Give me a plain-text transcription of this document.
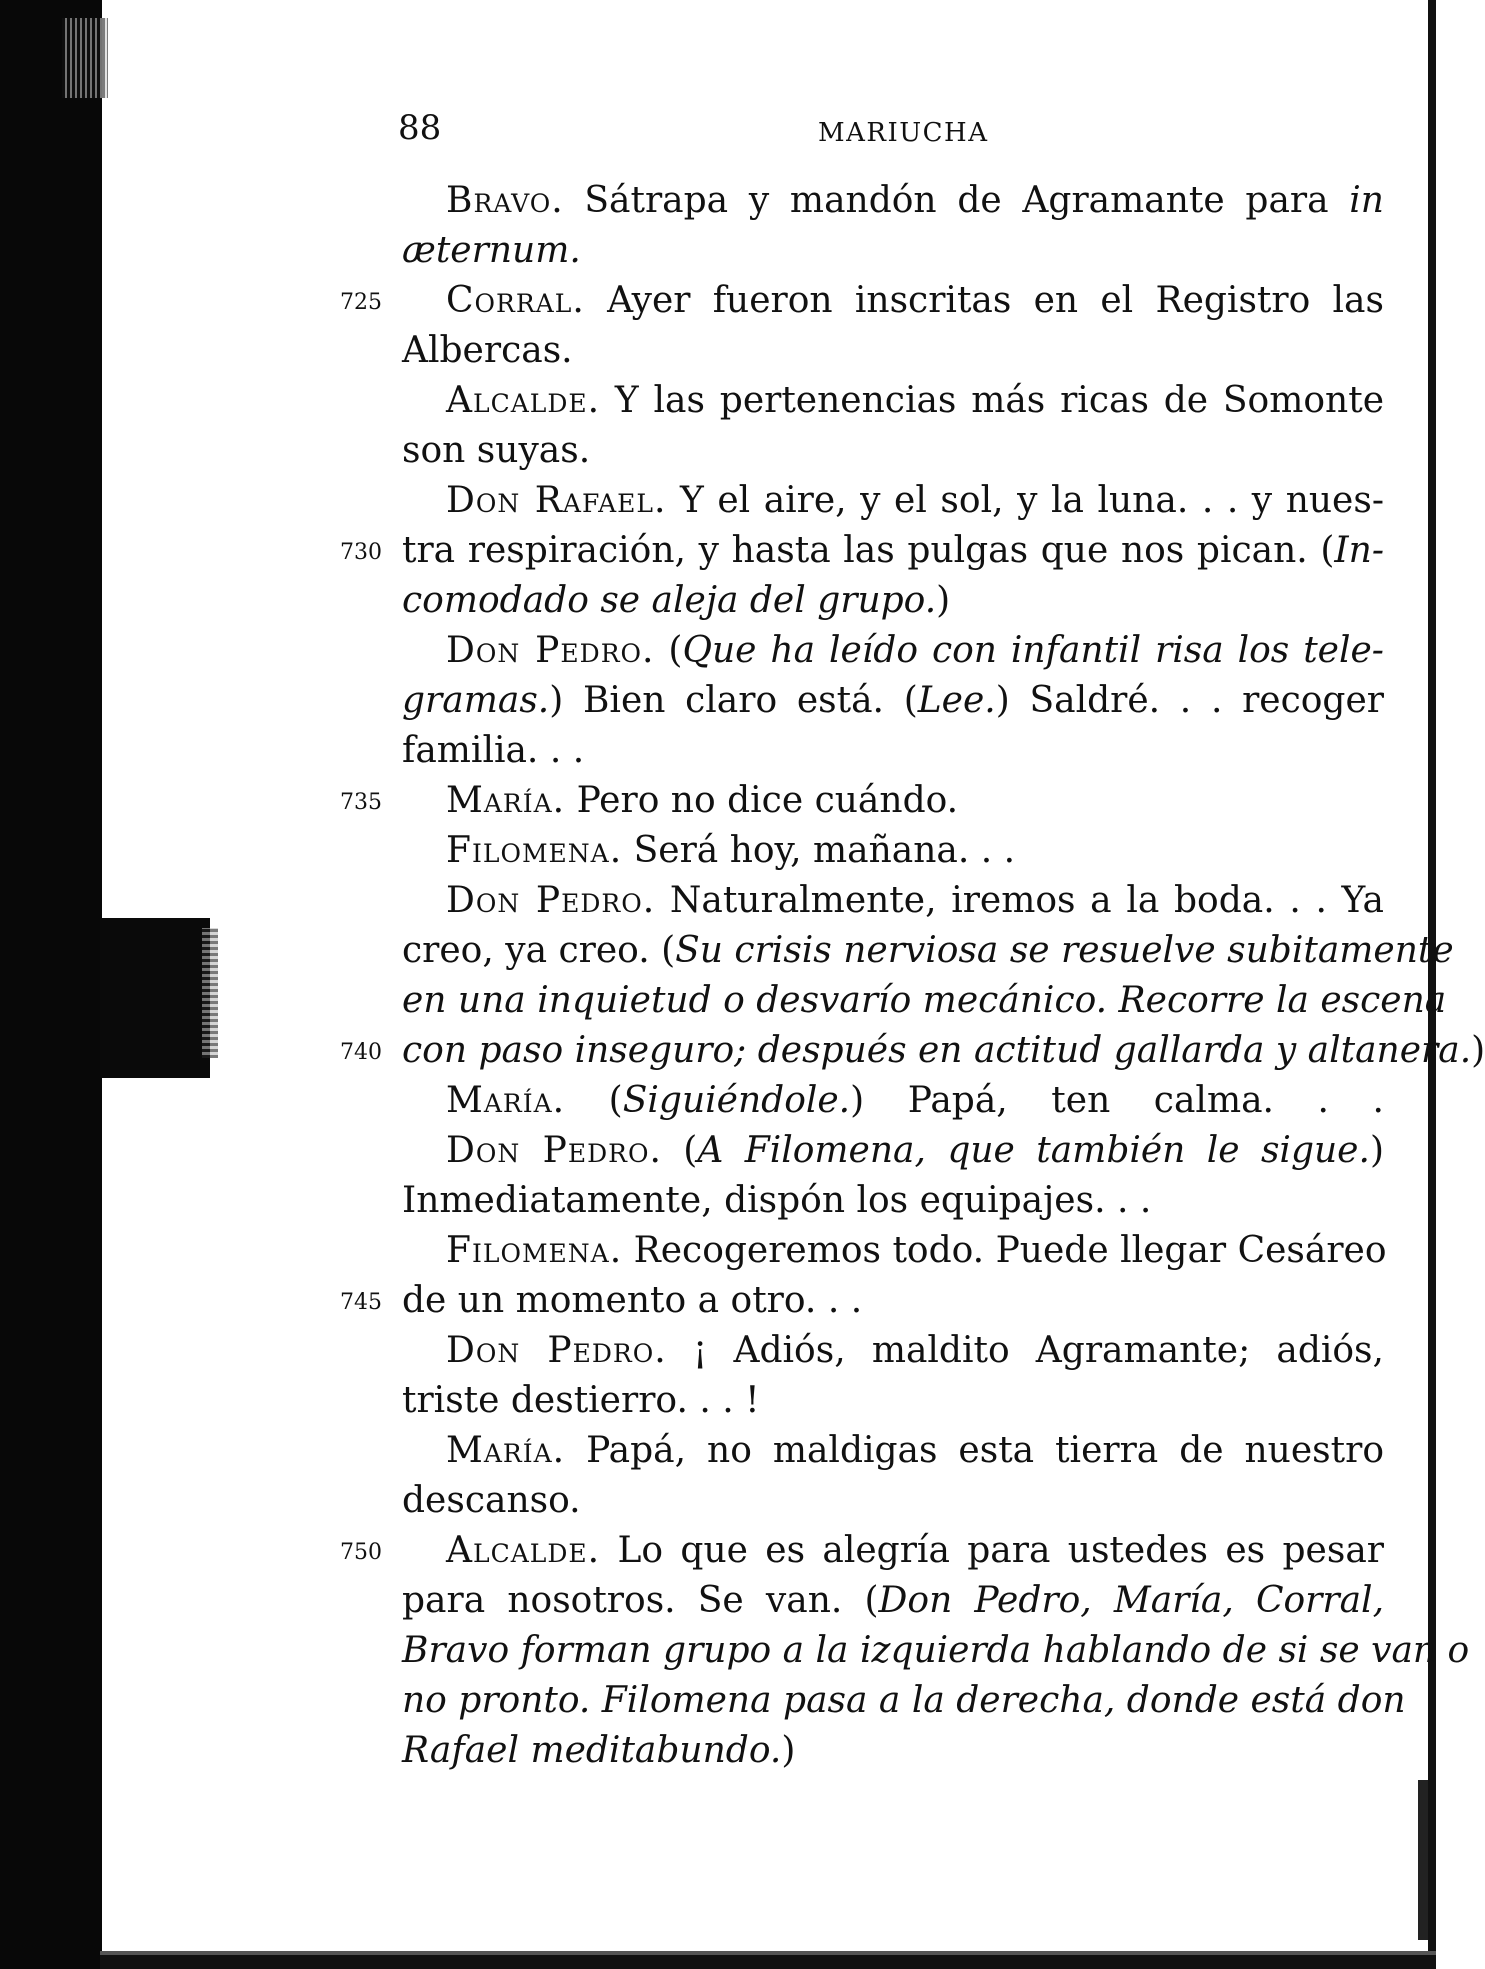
88	MARIUCHA
Bravo. Sátrapa y mandón de Agramante para in
æternum.
725 Corral. Ayer fueron inscritas en el Registro las
Albercas.
Alcalde. Y las pertenencias más ricas de Somonte
son suyas.
Don Rafael. Y el aire, y el sol, y la luna. . . y nues-
730 tra respiración, y hasta las pulgas que nos pican. (In-
comodado se aleja del grupo.)
Don Pedro. (Que ha leído con infantil risa los tele-
gramas.) Bien claro está. (Lee.) Saldré. . . recoger
familia. . .
735 María. Pero no dice cuándo.
Filomena. Será hoy, mañana. . .
Don Pedro. Naturalmente, iremos a la boda. . . Ya
creo, ya creo. (Su crisis nerviosa se resuelve subitamente
en una inquietud o desvarío mecánico. Recorre la escena
740 con paso inseguro; después en actitud gallarda y altanera.)
María. (Siguiéndole.) Papá, ten calma. . .
Don Pedro. (A Filomena, que también le sigue.)
Inmediatamente, dispón los equipajes. . .
Filomena. Recogeremos todo. Puede llegar Cesáreo
745 de un momento a otro. . .
Don Pedro. ¡ Adiós, maldito Agramante; adiós,
triste destierro. . . !
María. Papá, no maldigas esta tierra de nuestro
descanso.
750 Alcalde. Lo que es alegría para ustedes es pesar
para nosotros. Se van. (Don Pedro, María, Corral,
Bravo forman grupo a la izquierda hablando de si se van o
no pronto. Filomena pasa a la derecha, donde está don
Rafael meditabundo.)
